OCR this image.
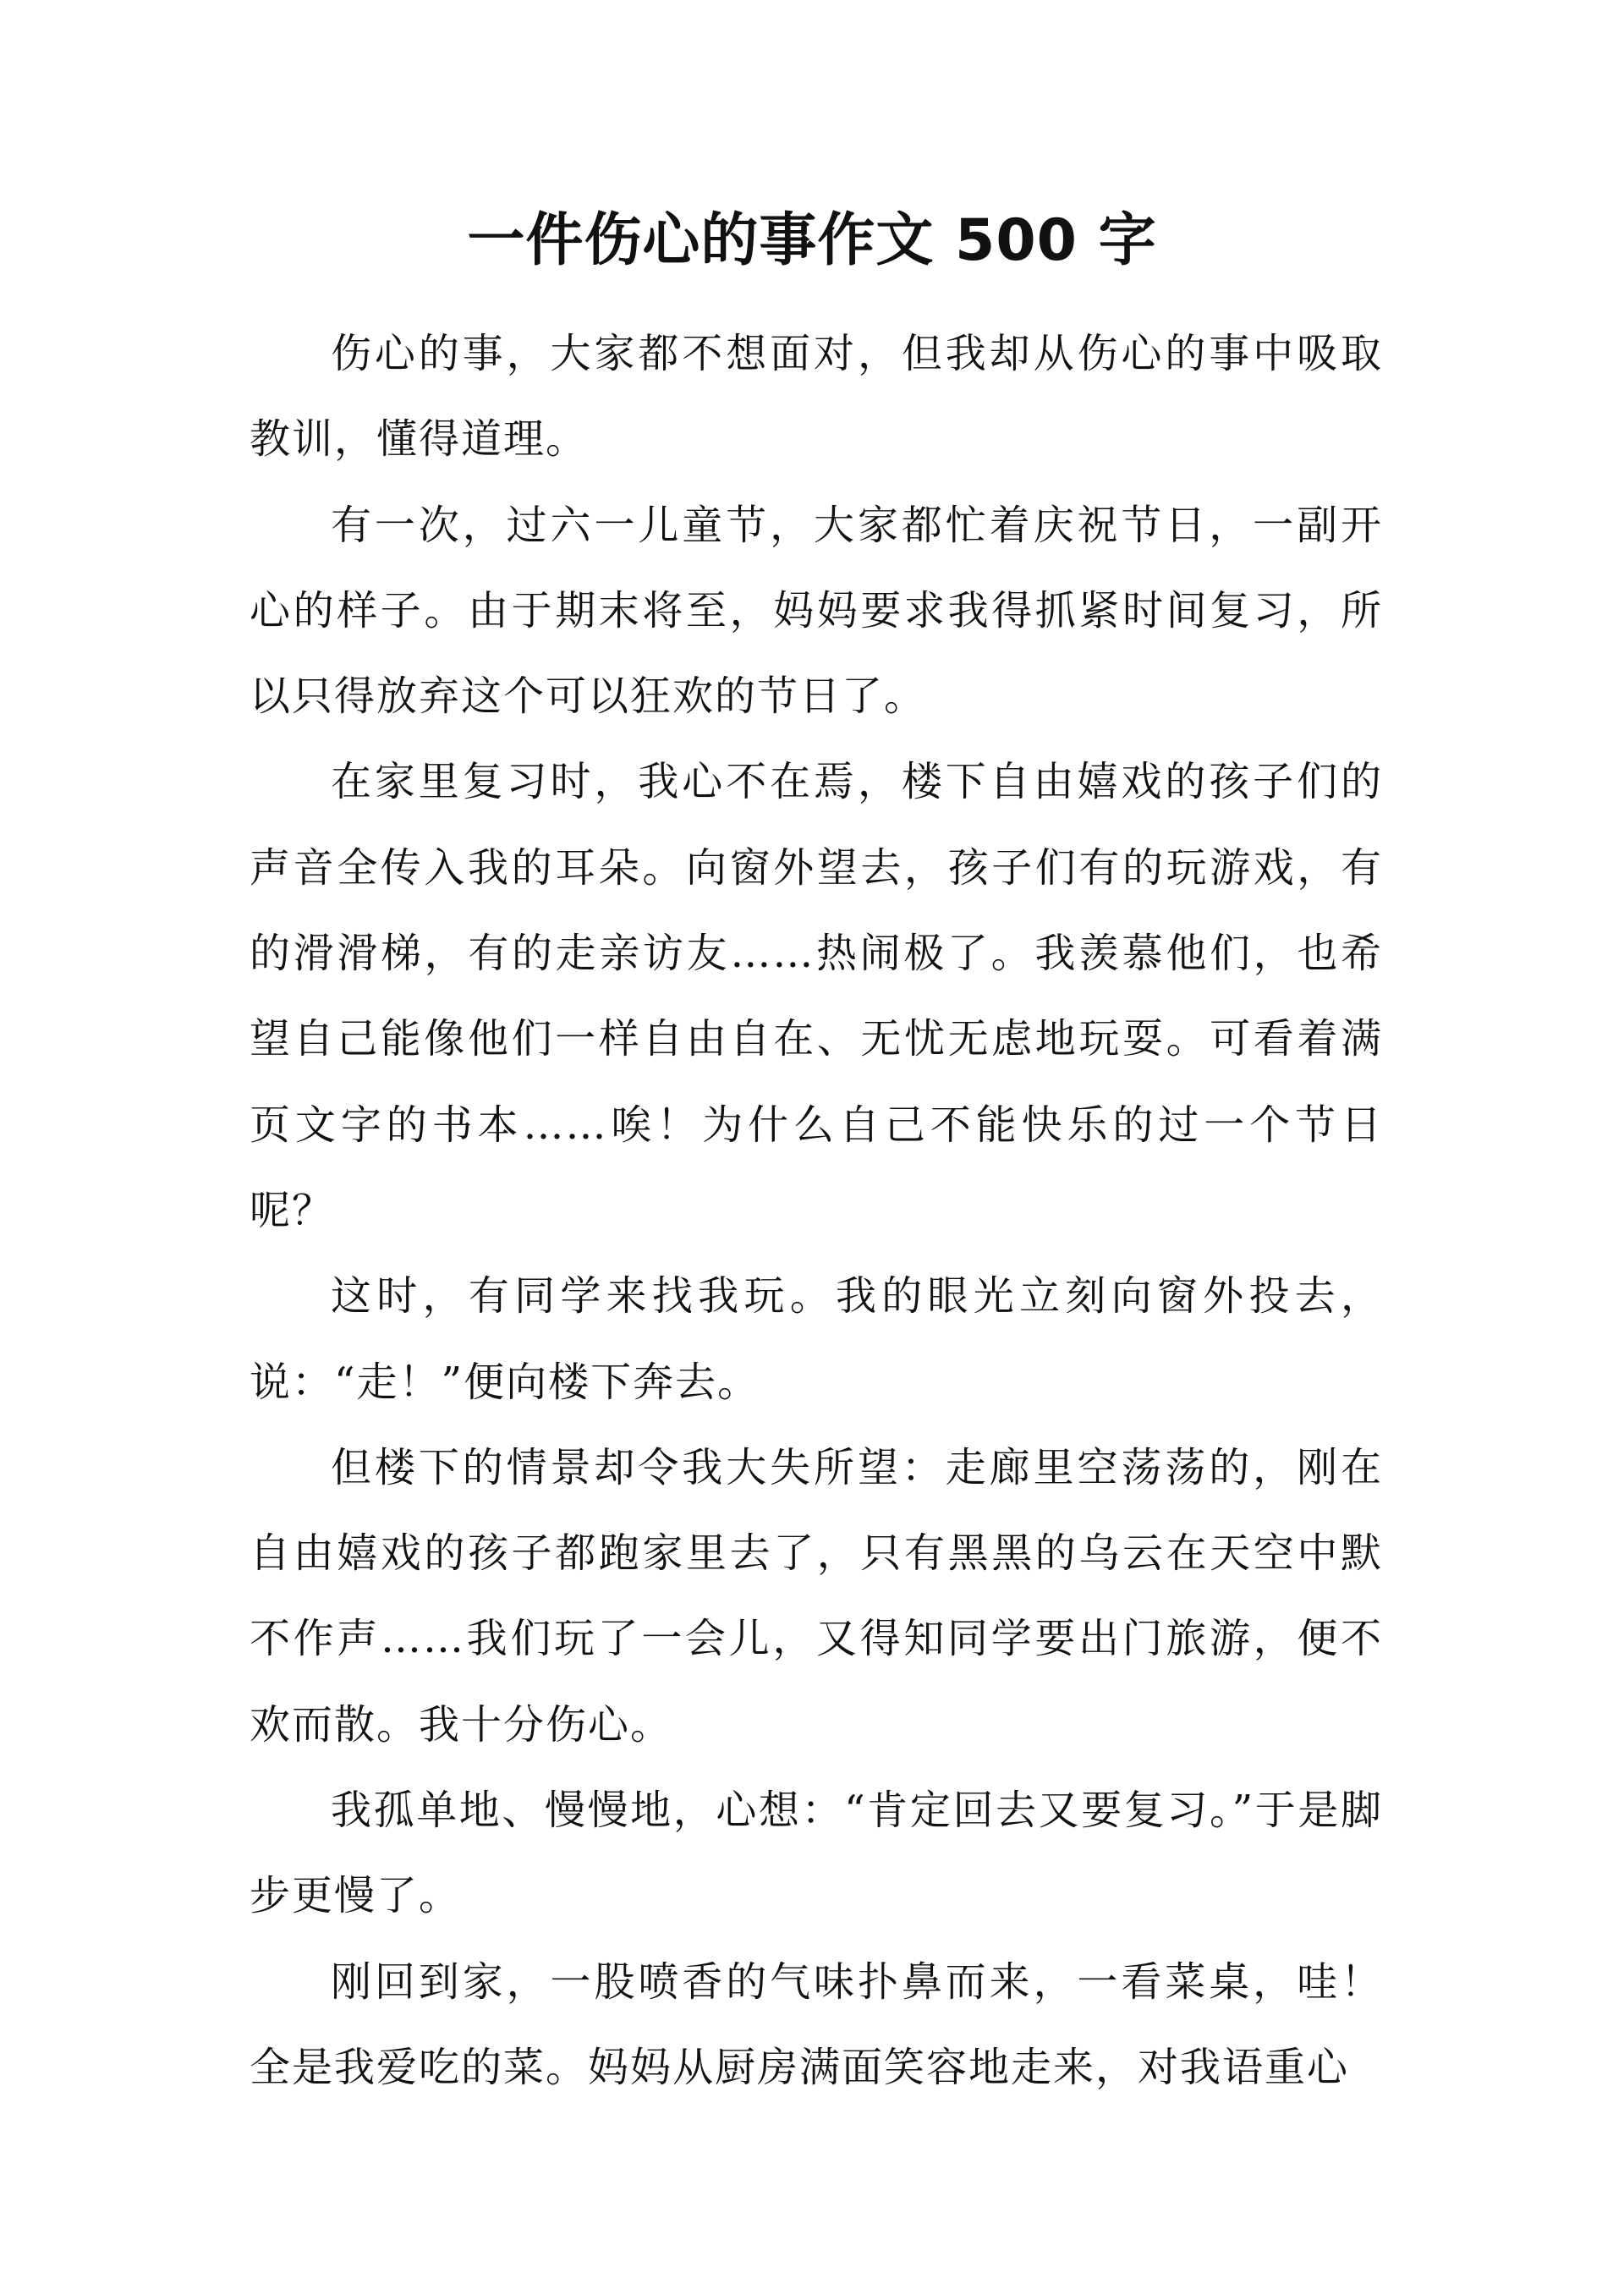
一件伤心的事作文 500 字

伤心的事，大家都不想面对，但我却从伤心的事中吸取教训，懂得道理。

有一次，过六一儿童节，大家都忙着庆祝节日，一副开心的样子。由于期末将至，妈妈要求我得抓紧时间复习，所以只得放弃这个可以狂欢的节日了。

在家里复习时，我心不在焉，楼下自由嬉戏的孩子们的声音全传入我的耳朵。向窗外望去，孩子们有的玩游戏，有的滑滑梯，有的走亲访友……热闹极了。我羡慕他们，也希望自己能像他们一样自由自在、无忧无虑地玩耍。可看着满页文字的书本……唉！为什么自己不能快乐的过一个节日呢？

这时，有同学来找我玩。我的眼光立刻向窗外投去，说：“走！”便向楼下奔去。

但楼下的情景却令我大失所望：走廊里空荡荡的，刚在自由嬉戏的孩子都跑家里去了，只有黑黑的乌云在天空中默不作声……我们玩了一会儿，又得知同学要出门旅游，便不欢而散。我十分伤心。

我孤单地、慢慢地，心想：“肯定回去又要复习。”于是脚步更慢了。

刚回到家，一股喷香的气味扑鼻而来，一看菜桌，哇！全是我爱吃的菜。妈妈从厨房满面笑容地走来，对我语重心
